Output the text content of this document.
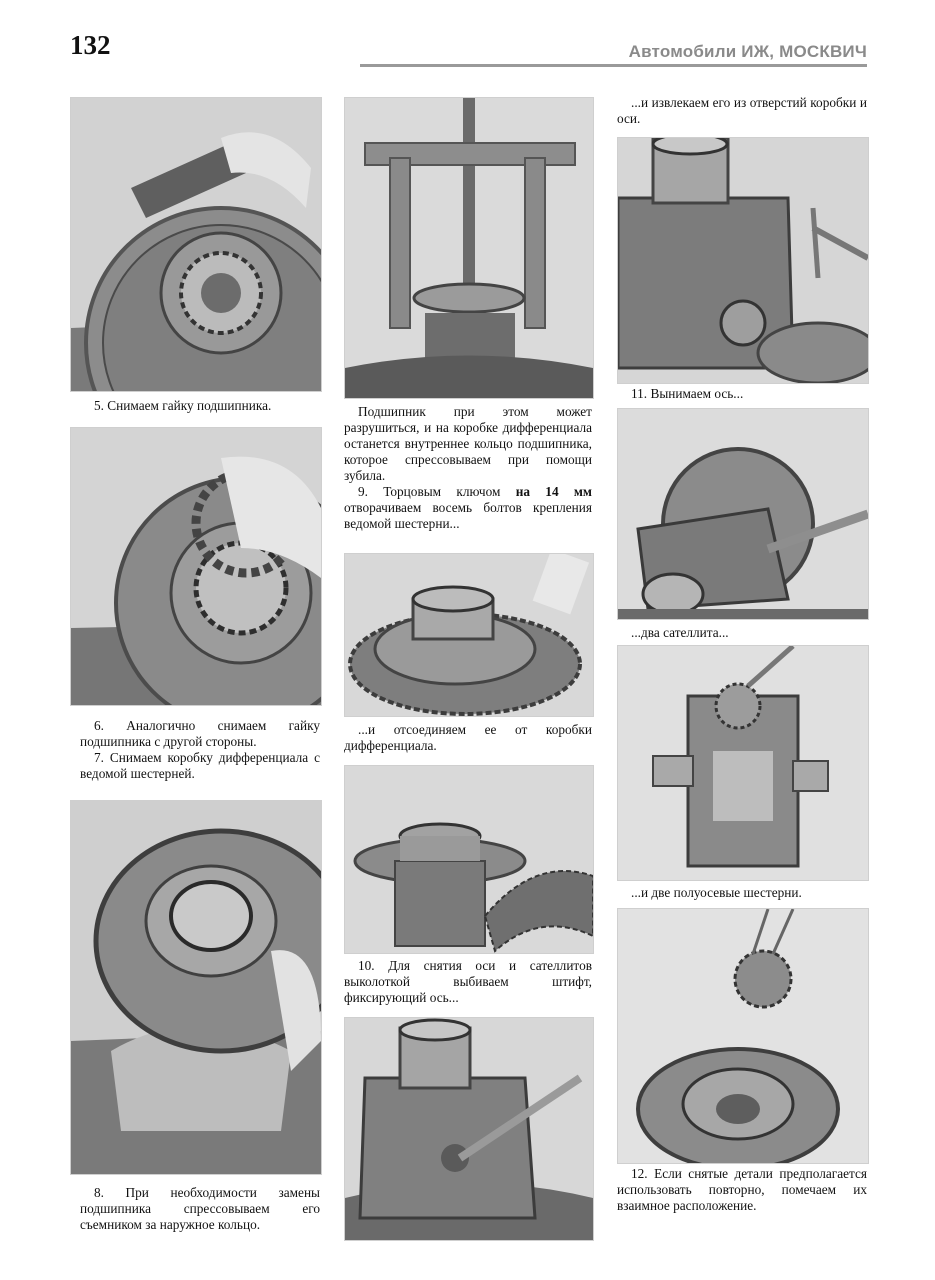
132	Автомобили ИЖ, МОСКВИЧ

5. Снимаем гайку подшипника.

6. Аналогично снимаем гайку подшипника с другой стороны.

7. Снимаем коробку дифференциала с ведомой шестерней.

8. При необходимости замены подшипника спрессовываем его съемником за наружное кольцо.

Подшипник при этом может разрушиться, и на коробке дифференциала останется внутреннее кольцо подшипника, которое спрессовываем при помощи зубила.

9. Торцовым ключом на 14 мм отворачиваем восемь болтов крепления ведомой шестерни...

...и отсоединяем ее от коробки дифференциала.

10. Для снятия оси и сателлитов выколоткой выбиваем штифт, фиксирующий ось...

...и извлекаем его из отверстий коробки и оси.

11. Вынимаем ось...

...два сателлита...

...и две полуосевые шестерни.

12. Если снятые детали предполагается использовать повторно, помечаем их взаимное расположение.
